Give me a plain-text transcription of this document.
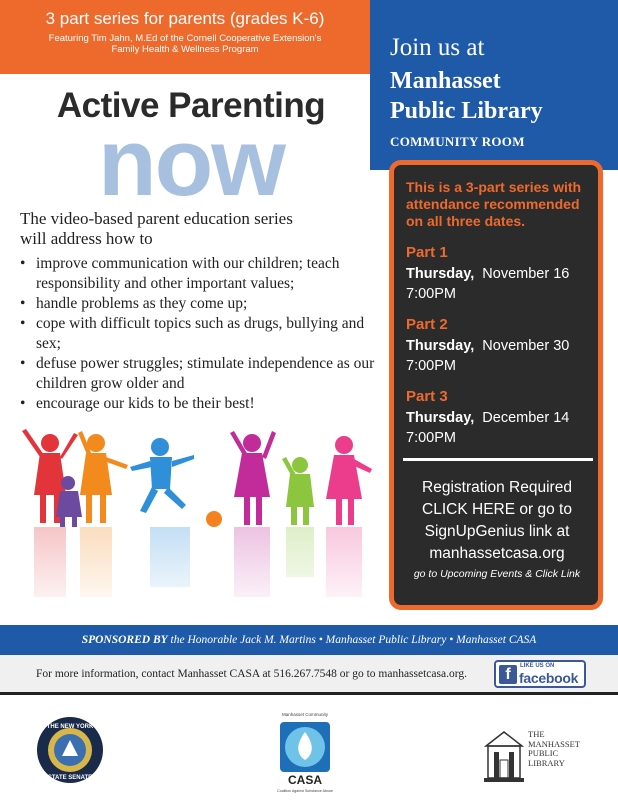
3 part series for parents (grades K-6)
Featuring Tim Jahn, M.Ed of the Cornell Cooperative Extension's
Family Health & Wellness Program	Join us at
Manhasset
Public Library
COMMUNITY ROOM
Active Parenting
now
The video-based parent education series
will address how to
• improve communication with our children; teach responsibility and other important values;
• handle problems as they come up;
• cope with difficult topics such as drugs, bullying and sex;
• defuse power struggles; stimulate independence as our children grow older and
• encourage our kids to be their best!
This is a 3-part series with attendance recommended on all three dates.
Part 1
Thursday, November 16
7:00PM
Part 2
Thursday, November 30
7:00PM
Part 3
Thursday, December 14
7:00PM
Registration Required
CLICK HERE or go to
SignUpGenius link at
manhassetcasa.org
go to Upcoming Events & Click Link
SPONSORED BY the Honorable Jack M. Martins • Manhasset Public Library • Manhasset CASA
For more information, contact Manhasset CASA at 516.267.7548 or go to manhassetcasa.org.	f	LIKE US ON
facebook
THE NEW YORK
STATE SENATE
Manhasset Community
CASA
Coalition Against Substance Abuse
THE
MANHASSET
PUBLIC
LIBRARY
